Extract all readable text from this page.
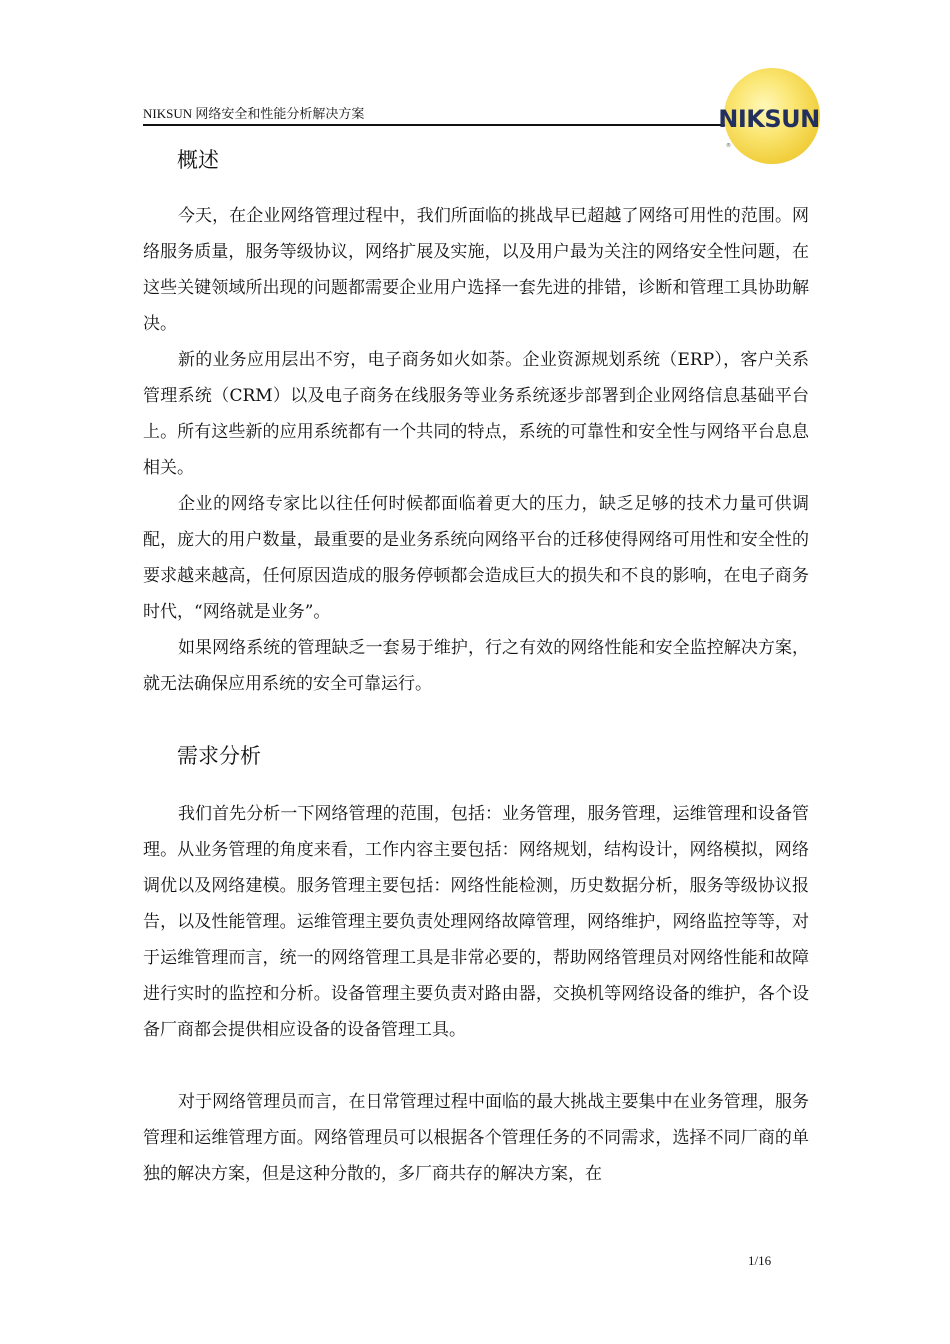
NIKSUN 网络安全和性能分析解决方案	NIKSUN
®
概述

今天，在企业网络管理过程中，我们所面临的挑战早已超越了网络可用性的范围。网络服务质量，服务等级协议，网络扩展及实施，以及用户最为关注的网络安全性问题，在这些关键领域所出现的问题都需要企业用户选择一套先进的排错，诊断和管理工具协助解决。

新的业务应用层出不穷，电子商务如火如荼。企业资源规划系统（ERP），客户关系管理系统（CRM）以及电子商务在线服务等业务系统逐步部署到企业网络信息基础平台上。所有这些新的应用系统都有一个共同的特点，系统的可靠性和安全性与网络平台息息相关。

企业的网络专家比以往任何时候都面临着更大的压力，缺乏足够的技术力量可供调配，庞大的用户数量，最重要的是业务系统向网络平台的迁移使得网络可用性和安全性的要求越来越高，任何原因造成的服务停顿都会造成巨大的损失和不良的影响，在电子商务时代，“网络就是业务”。

如果网络系统的管理缺乏一套易于维护，行之有效的网络性能和安全监控解决方案，就无法确保应用系统的安全可靠运行。

需求分析

我们首先分析一下网络管理的范围，包括：业务管理，服务管理，运维管理和设备管理。从业务管理的角度来看，工作内容主要包括：网络规划，结构设计，网络模拟，网络调优以及网络建模。服务管理主要包括：网络性能检测，历史数据分析，服务等级协议报告，以及性能管理。运维管理主要负责处理网络故障管理，网络维护，网络监控等等，对于运维管理而言，统一的网络管理工具是非常必要的，帮助网络管理员对网络性能和故障进行实时的监控和分析。设备管理主要负责对路由器，交换机等网络设备的维护，各个设备厂商都会提供相应设备的设备管理工具。

对于网络管理员而言，在日常管理过程中面临的最大挑战主要集中在业务管理，服务管理和运维管理方面。网络管理员可以根据各个管理任务的不同需求，选择不同厂商的单独的解决方案，但是这种分散的，多厂商共存的解决方案，在

1/16
